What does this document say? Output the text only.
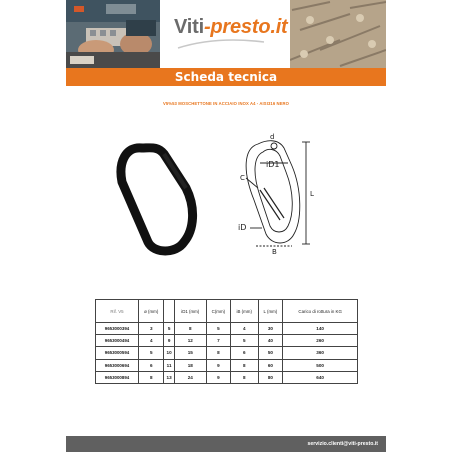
Viti-presto.it
Scheda tecnica
V5%53 MOSCHETTONE IN ACCIAIO INOX A4 - AISI316 NERO
d
iD1
C
iD
B
L
Rif. V5	ø (mm)		iD1 (mm)	C(mm)	iB (mm)	L (mm)	Carico di rottura in KG
9653000394	3	5	8	5	4	30	140
9653000494	4	9	12	7	5	40	260
9653000594	5	10	15	8	6	50	360
9653000694	6	11	18	9	8	60	500
9653000894	8	13	24	9	8	80	640
servizio.clienti@viti-presto.it
